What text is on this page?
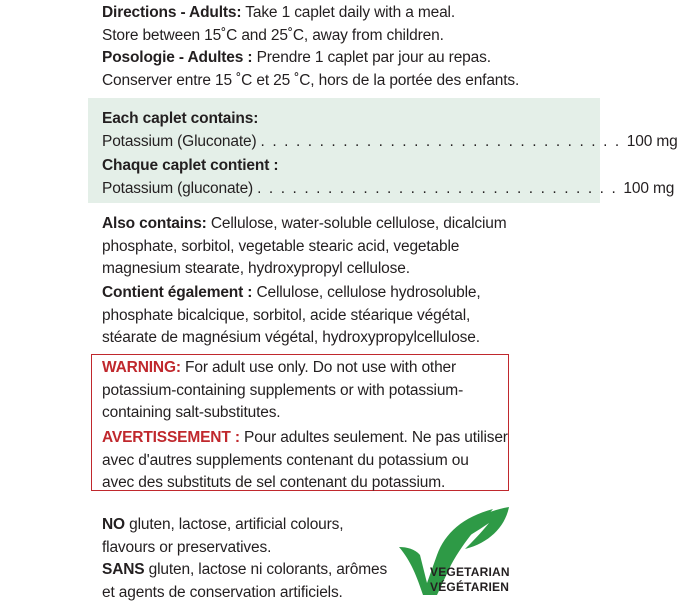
Directions - Adults: Take 1 caplet daily with a meal.

Store between 15˚C and 25˚C, away from children.

Posologie - Adultes : Prendre 1 caplet par jour au repas.

Conserver entre 15 ˚C et 25 ˚C, hors de la portée des enfants.

Each caplet contains:

Potassium (Gluconate) . . . . . . . . . . . . . . . . . . . . . . . . . . . . . . . 100 mg

Chaque caplet contient :

Potassium (gluconate) . . . . . . . . . . . . . . . . . . . . . . . . . . . . . . . 100 mg

Also contains: Cellulose, water-soluble cellulose, dicalcium

phosphate, sorbitol, vegetable stearic acid, vegetable

magnesium stearate, hydroxypropyl cellulose.

Contient également : Cellulose, cellulose hydrosoluble,

phosphate bicalcique, sorbitol, acide stéarique végétal,

stéarate de magnésium végétal, hydroxypropylcellulose.

WARNING: For adult use only. Do not use with other

potassium-containing supplements or with potassium-

containing salt-substitutes.

AVERTISSEMENT : Pour adultes seulement. Ne pas utiliser

avec d'autres supplements contenant du potassium ou

avec des substituts de sel contenant du potassium.

NO gluten, lactose, artificial colours,

flavours or preservatives.

SANS gluten, lactose ni colorants, arômes

et agents de conservation artificiels.

VEGETARIAN
VÉGÉTARIEN
